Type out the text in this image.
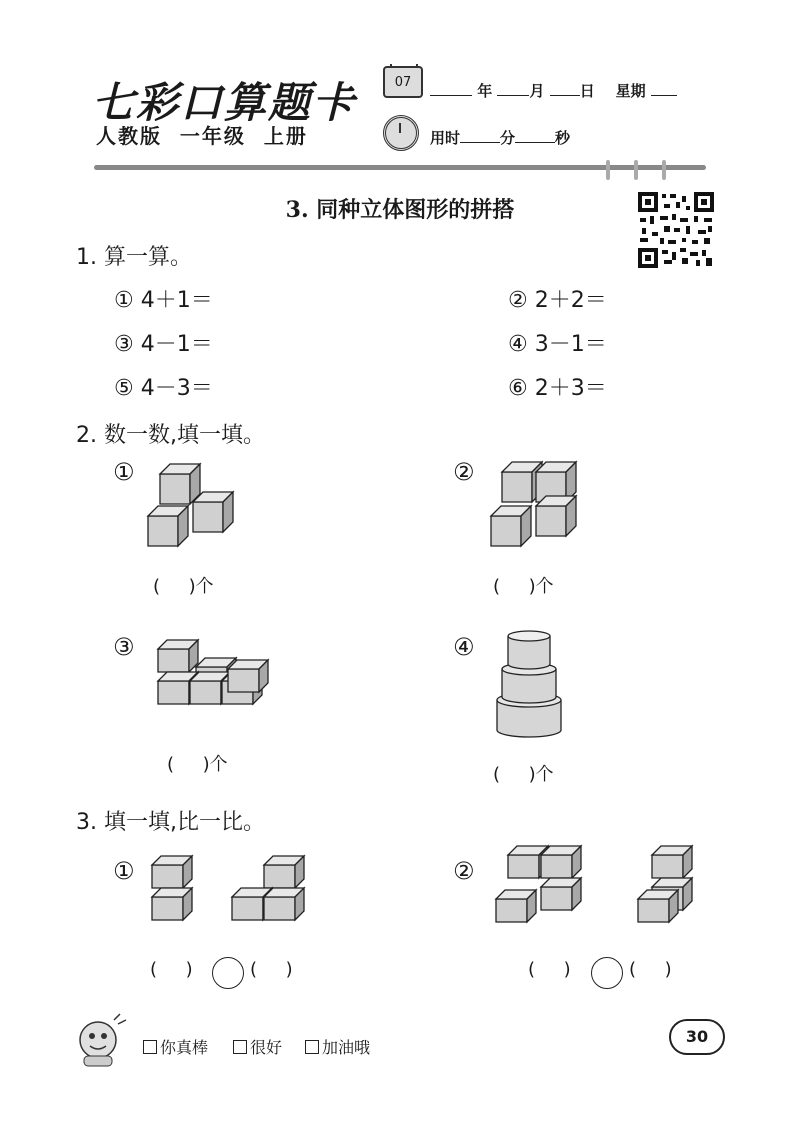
七彩口算题卡
人教版  一年级  上册
07	年 月 日 星期
用时	分	秒
3. 同种立体图形的拼搭
1. 算一算。
① 4＋1＝	② 2＋2＝
③ 4－1＝	④ 3－1＝
⑤ 4－3＝	⑥ 2＋3＝
2. 数一数,填一填。
①	②
③	④
(     )个	(     )个
(     )个	(     )个
3. 填一填,比一比。
①	②
(     )	(     )	(     )	(     )
你真棒	很好	加油哦
30
